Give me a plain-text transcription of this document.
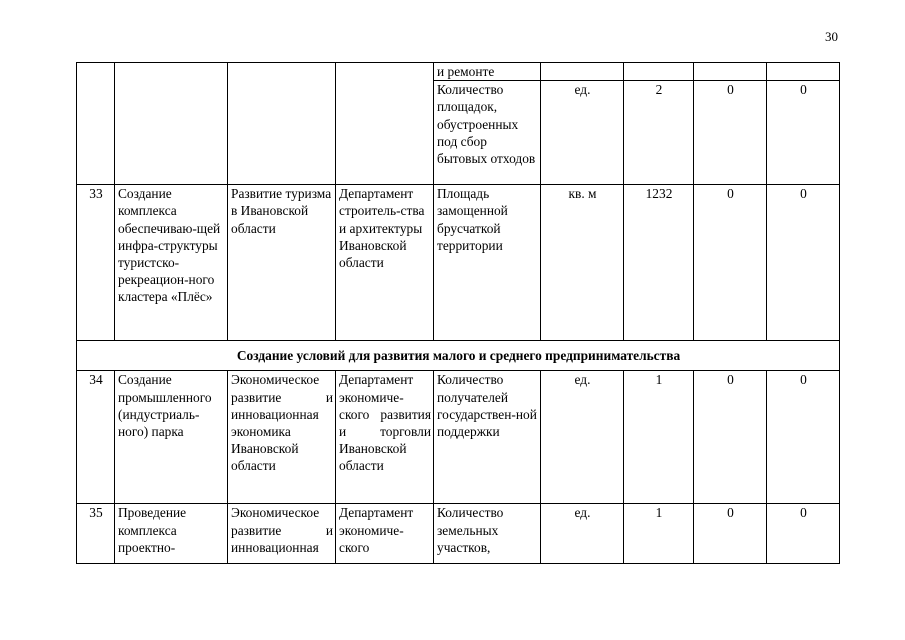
30
				и ремонте				
				Количество площадок, обустроенных под сбор бытовых отходов	ед.	2	0	0
33	Создание комплекса обеспечиваю-щей инфра-структуры туристско-рекреацион-ного кластера «Плёс»	Развитие туризма в Ивановской области	Департамент строитель-ства и архитектуры Ивановской области	Площадь замощенной брусчаткой территории	кв. м	1232	0	0
Создание условий для развития малого и среднего предпринимательства								
34	Создание промышленного (индустриаль-ного) парка	Экономическое развитие и инновационная экономика Ивановской области	Департамент экономиче-ского развития и торговли Ивановской области	Количество получателей государствен-ной поддержки	ед.	1	0	0
35	Проведение комплекса проектно-	Экономическое развитие и инновационная	Департамент экономиче-ского	Количество земельных участков,	ед.	1	0	0
